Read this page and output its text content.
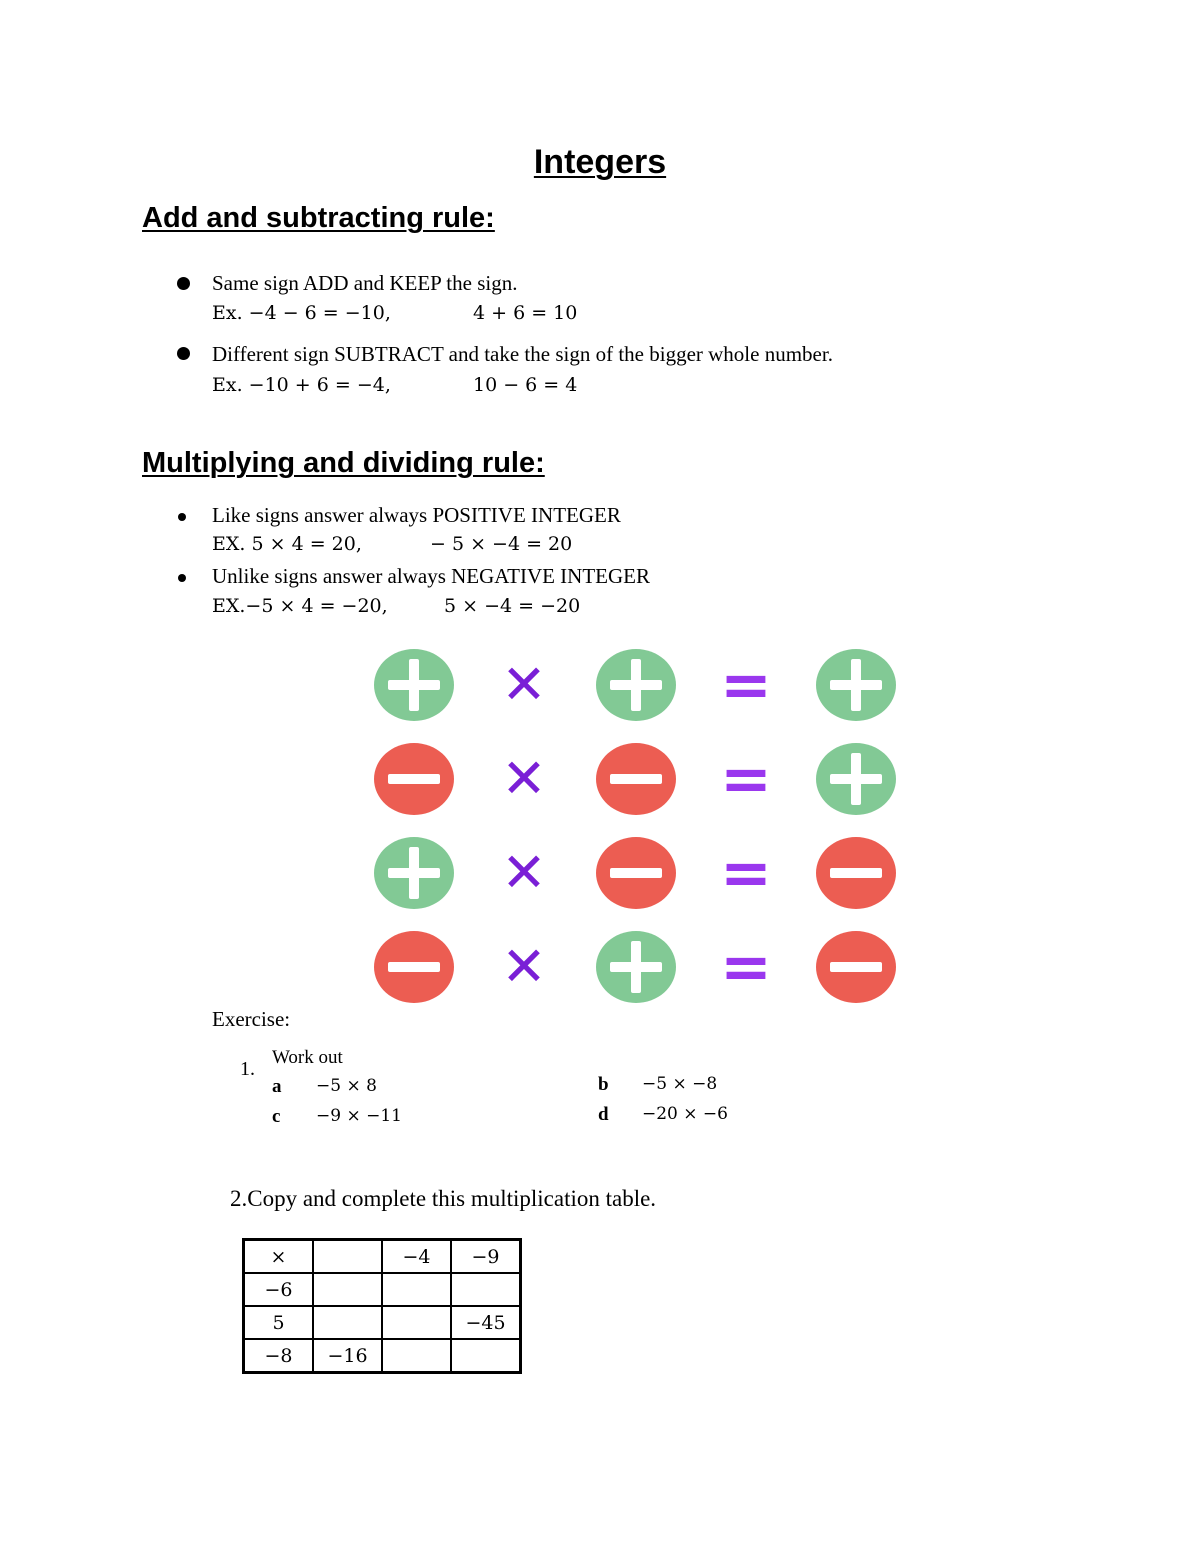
Integers
Add and subtracting rule:
Same sign ADD and KEEP the sign.
Ex. −4 − 6 = −10,	4 + 6 = 10
Different sign SUBTRACT and take the sign of the bigger whole number.
Ex. −10 + 6 = −4,	10 − 6 = 4
Multiplying and dividing rule:
Like signs answer always POSITIVE INTEGER
EX. 5 × 4 = 20,	− 5 × −4 = 20
Unlike signs answer always NEGATIVE INTEGER
EX.−5 × 4 = −20,	5 × −4 = −20
✕	=
✕	=
✕	=
✕	=
Exercise:
1.
Work out
a −5 × 8	b −5 × −8
c −9 × −11	d −20 × −6
2.Copy and complete this multiplication table.
×		−4	−9
−6			
5			−45
−8	−16		
